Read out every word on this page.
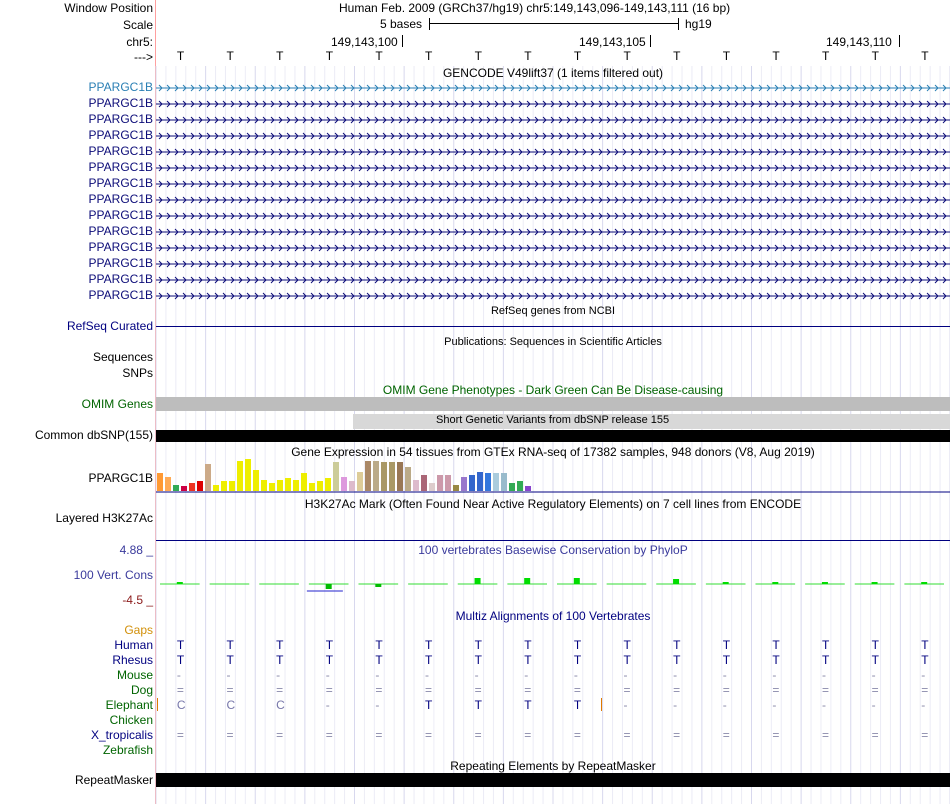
Window Position
Scale
chr5:
--->
Human Feb. 2009 (GRCh37/hg19) chr5:149,143,096-149,143,111 (16 bp)
5 bases	hg19
149,143,100	149,143,105	149,143,110
T	T	T	T	T	T	T	T	T	T	T	T	T	T	T	T
GENCODE V49lift37 (1 items filtered out)
PPARGC1B
PPARGC1B
PPARGC1B
PPARGC1B
PPARGC1B
PPARGC1B
PPARGC1B
PPARGC1B
PPARGC1B
PPARGC1B
PPARGC1B
PPARGC1B
PPARGC1B
PPARGC1B
RefSeq genes from NCBI
RefSeq Curated
Publications: Sequences in Scientific Articles
Sequences
SNPs
OMIM Gene Phenotypes - Dark Green Can Be Disease-causing
OMIM Genes
Short Genetic Variants from dbSNP release 155
Common dbSNP(155)
Gene Expression in 54 tissues from GTEx RNA-seq of 17382 samples, 948 donors (V8, Aug 2019)
PPARGC1B
H3K27Ac Mark (Often Found Near Active Regulatory Elements) on 7 cell lines from ENCODE
Layered H3K27Ac
100 vertebrates Basewise Conservation by PhyloP
4.88 _
100 Vert. Cons
-4.5 _
Multiz Alignments of 100 Vertebrates
Gaps
Human T	T	T	T	T	T	T	T	T	T	T	T	T	T	T	T
Rhesus T	T	T	T	T	T	T	T	T	T	T	T	T	T	T	T
Mouse -	-	-	-	-	-	-	-	-	-	-	-	-	-	-	-
Dog =	=	=	=	=	=	=	=	=	=	=	=	=	=	=	=
Elephant C	C	C	-	-	T	T	T	T	-	-	-	-	-	-	-
Chicken
X_tropicalis =	=	=	=	=	=	=	=	=	=	=	=	=	=	=	=
Zebrafish
Repeating Elements by RepeatMasker
RepeatMasker
